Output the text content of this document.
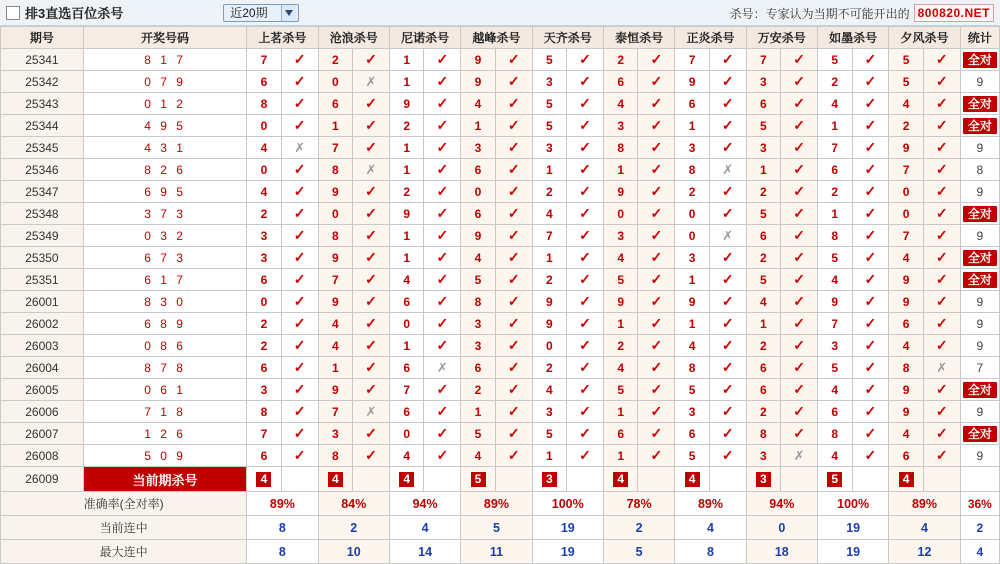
排3直选百位杀号	近20期	杀号：专家认为当期不可能开出的 800820.NET
期号	开奖号码	上茗杀号		沧浪杀号		尼诺杀号		越峰杀号		天齐杀号		泰恒杀号		正炎杀号		万安杀号		如墨杀号		夕风杀号		统计
25341	8 1 7	7	✓	2	✓	1	✓	9	✓	5	✓	2	✓	7	✓	7	✓	5	✓	5	✓	全对

25342	0 7 9	6	✓	0	✗	1	✓	9	✓	3	✓	6	✓	9	✓	3	✓	2	✓	5	✓	9
25343	0 1 2	8	✓	6	✓	9	✓	4	✓	5	✓	4	✓	6	✓	6	✓	4	✓	4	✓	全对

25344	4 9 5	0	✓	1	✓	2	✓	1	✓	5	✓	3	✓	1	✓	5	✓	1	✓	2	✓	全对

25345	4 3 1	4	✗	7	✓	1	✓	3	✓	3	✓	8	✓	3	✓	3	✓	7	✓	9	✓	9
25346	8 2 6	0	✓	8	✗	1	✓	6	✓	1	✓	1	✓	8	✗	1	✓	6	✓	7	✓	8
25347	6 9 5	4	✓	9	✓	2	✓	0	✓	2	✓	9	✓	2	✓	2	✓	2	✓	0	✓	9
25348	3 7 3	2	✓	0	✓	9	✓	6	✓	4	✓	0	✓	0	✓	5	✓	1	✓	0	✓	全对

25349	0 3 2	3	✓	8	✓	1	✓	9	✓	7	✓	3	✓	0	✗	6	✓	8	✓	7	✓	9
25350	6 7 3	3	✓	9	✓	1	✓	4	✓	1	✓	4	✓	3	✓	2	✓	5	✓	4	✓	全对

25351	6 1 7	6	✓	7	✓	4	✓	5	✓	2	✓	5	✓	1	✓	5	✓	4	✓	9	✓	全对

26001	8 3 0	0	✓	9	✓	6	✓	8	✓	9	✓	9	✓	9	✓	4	✓	9	✓	9	✓	9
26002	6 8 9	2	✓	4	✓	0	✓	3	✓	9	✓	1	✓	1	✓	1	✓	7	✓	6	✓	9
26003	0 8 6	2	✓	4	✓	1	✓	3	✓	0	✓	2	✓	4	✓	2	✓	3	✓	4	✓	9
26004	8 7 8	6	✓	1	✓	6	✗	6	✓	2	✓	4	✓	8	✓	6	✓	5	✓	8	✗	7
26005	0 6 1	3	✓	9	✓	7	✓	2	✓	4	✓	5	✓	5	✓	6	✓	4	✓	9	✓	全对

26006	7 1 8	8	✓	7	✗	6	✓	1	✓	3	✓	1	✓	3	✓	2	✓	6	✓	9	✓	9
26007	1 2 6	7	✓	3	✓	0	✓	5	✓	5	✓	6	✓	6	✓	8	✓	8	✓	4	✓	全对

26008	5 0 9	6	✓	8	✓	4	✓	4	✓	1	✓	1	✓	5	✓	3	✗	4	✓	6	✓	9
26009	当前期杀号	4		4		4		5		3		4		4		3		5		4		
准确率(全对率)		89%		84%		94%		89%		100%		78%		89%		94%		100%		89%		36%
当前连中		8		2		4		5		19		2		4		0		19		4		2
最大连中		8		10		14		11		19		5		8		18		19		12		4
